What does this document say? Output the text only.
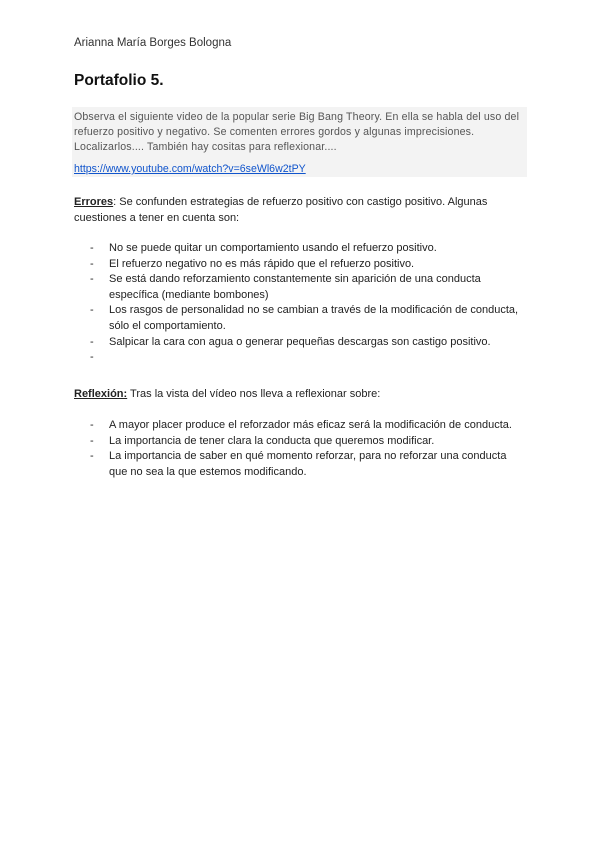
Arianna María Borges Bologna
Portafolio 5.
Observa el siguiente video de la popular serie Big Bang Theory. En ella se habla del uso del refuerzo positivo y negativo. Se comenten errores gordos y algunas imprecisiones. Localizarlos.... También hay cositas para reflexionar....
https://www.youtube.com/watch?v=6seWl6w2tPY
Errores: Se confunden estrategias de refuerzo positivo con castigo positivo. Algunas cuestiones a tener en cuenta son:
- No se puede quitar un comportamiento usando el refuerzo positivo.
- El refuerzo negativo no es más rápido que el refuerzo positivo.
- Se está dando reforzamiento constantemente sin aparición de una conducta específica (mediante bombones)
- Los rasgos de personalidad no se cambian a través de la modificación de conducta, sólo el comportamiento.
- Salpicar la cara con agua o generar pequeñas descargas son castigo positivo.
-
Reflexión: Tras la vista del vídeo nos lleva a reflexionar sobre:
- A mayor placer produce el reforzador más eficaz será la modificación de conducta.
- La importancia de tener clara la conducta que queremos modificar.
- La importancia de saber en qué momento reforzar, para no reforzar una conducta que no sea la que estemos modificando.
